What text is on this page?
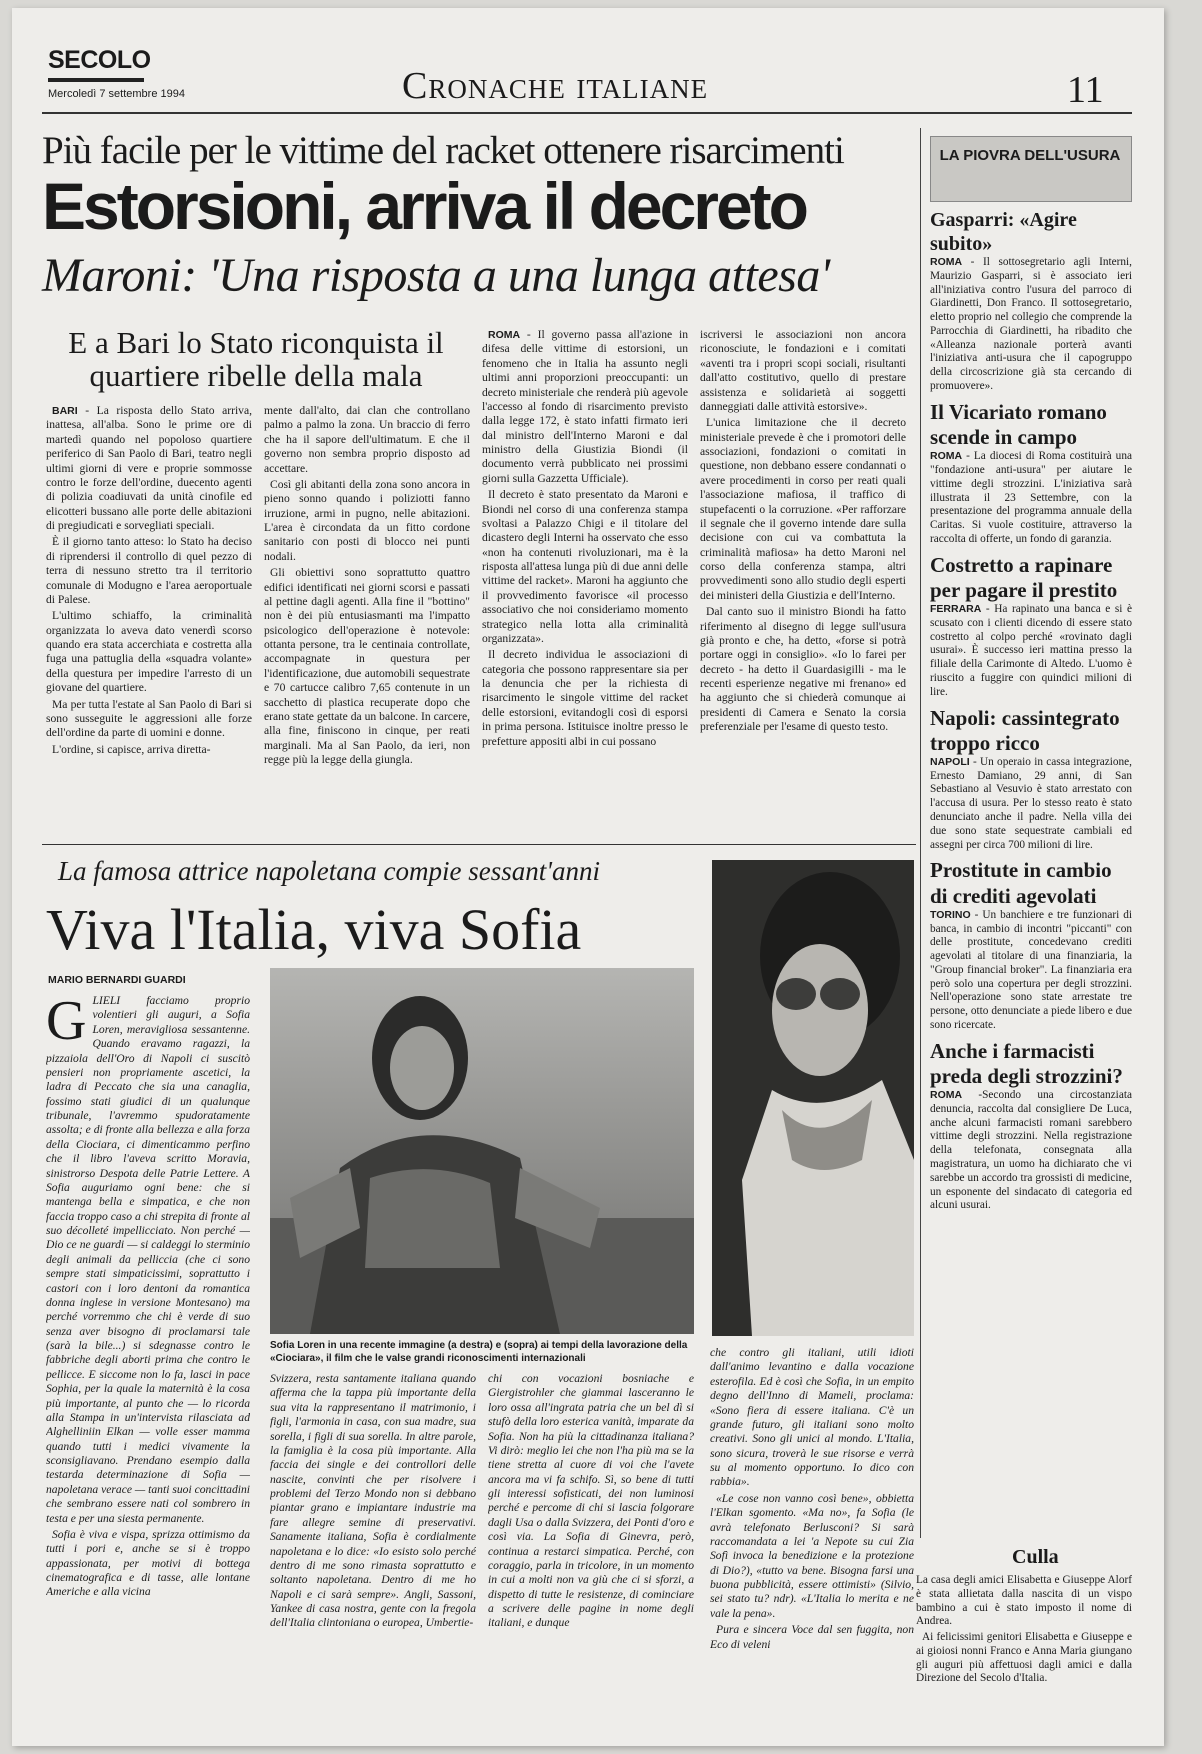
SECOLO
Mercoledì 7 settembre 1994	Cronache italiane	11
Più facile per le vittime del racket ottenere risarcimenti
Estorsioni, arriva il decreto
Maroni: 'Una risposta a una lunga attesa'
E a Bari lo Stato riconquista il quartiere ribelle della mala

BARI - La risposta dello Stato arriva, inattesa, all'alba. Sono le prime ore di martedì quando nel popoloso quartiere periferico di San Paolo di Bari, teatro negli ultimi giorni di vere e proprie sommosse contro le forze dell'ordine, duecento agenti di polizia coadiuvati da unità cinofile ed elicotteri bussano alle porte delle abitazioni di pregiudicati e sorvegliati speciali.

È il giorno tanto atteso: lo Stato ha deciso di riprendersi il controllo di quel pezzo di terra di nessuno stretto tra il territorio comunale di Modugno e l'area aeroportuale di Palese.

L'ultimo schiaffo, la criminalità organizzata lo aveva dato venerdì scorso quando era stata accerchiata e costretta alla fuga una pattuglia della «squadra volante» della questura per impedire l'arresto di un giovane del quartiere.

Ma per tutta l'estate al San Paolo di Bari si sono susseguite le aggressioni alle forze dell'ordine da parte di uomini e donne.

L'ordine, si capisce, arriva diretta-

mente dall'alto, dai clan che controllano palmo a palmo la zona. Un braccio di ferro che ha il sapore dell'ultimatum. E che il governo non sembra proprio disposto ad accettare.

Così gli abitanti della zona sono ancora in pieno sonno quando i poliziotti fanno irruzione, armi in pugno, nelle abitazioni. L'area è circondata da un fitto cordone sanitario con posti di blocco nei punti nodali.

Gli obiettivi sono soprattutto quattro edifici identificati nei giorni scorsi e passati al pettine dagli agenti. Alla fine il "bottino" non è dei più entusiasmanti ma l'impatto psicologico dell'operazione è notevole: ottanta persone, tra le centinaia controllate, accompagnate in questura per l'identificazione, due automobili sequestrate e 70 cartucce calibro 7,65 contenute in un sacchetto di plastica recuperate dopo che erano state gettate da un balcone. In carcere, alla fine, finiscono in cinque, per reati marginali. Ma al San Paolo, da ieri, non regge più la legge della giungla.

ROMA - Il governo passa all'azione in difesa delle vittime di estorsioni, un fenomeno che in Italia ha assunto negli ultimi anni proporzioni preoccupanti: un decreto ministeriale che renderà più agevole l'accesso al fondo di risarcimento previsto dalla legge 172, è stato infatti firmato ieri dal ministro dell'Interno Maroni e dal ministro della Giustizia Biondi (il documento verrà pubblicato nei prossimi giorni sulla Gazzetta Ufficiale).

Il decreto è stato presentato da Maroni e Biondi nel corso di una conferenza stampa svoltasi a Palazzo Chigi e il titolare del dicastero degli Interni ha osservato che esso «non ha contenuti rivoluzionari, ma è la risposta all'attesa lunga più di due anni delle vittime del racket». Maroni ha aggiunto che il provvedimento favorisce «il processo associativo che noi consideriamo momento strategico nella lotta alla criminalità organizzata».

Il decreto individua le associazioni di categoria che possono rappresentare sia per la denuncia che per la richiesta di risarcimento le singole vittime del racket delle estorsioni, evitandogli così di esporsi in prima persona. Istituisce inoltre presso le prefetture appositi albi in cui possano

iscriversi le associazioni non ancora riconosciute, le fondazioni e i comitati «aventi tra i propri scopi sociali, risultanti dall'atto costitutivo, quello di prestare assistenza e solidarietà ai soggetti danneggiati dalle attività estorsive».

L'unica limitazione che il decreto ministeriale prevede è che i promotori delle associazioni, fondazioni o comitati in questione, non debbano essere condannati o avere procedimenti in corso per reati quali l'associazione mafiosa, il traffico di stupefacenti o la corruzione. «Per rafforzare il segnale che il governo intende dare sulla decisione con cui va combattuta la criminalità mafiosa» ha detto Maroni nel corso della conferenza stampa, altri provvedimenti sono allo studio degli esperti dei ministeri della Giustizia e dell'Interno.

Dal canto suo il ministro Biondi ha fatto riferimento al disegno di legge sull'usura già pronto e che, ha detto, «forse si potrà portare oggi in consiglio». «Io lo farei per decreto - ha detto il Guardasigilli - ma le recenti esperienze negative mi frenano» ed ha aggiunto che si chiederà comunque ai presidenti di Camera e Senato la corsia preferenziale per l'esame di questo testo.

LA PIOVRA DELL'USURA
Gasparri: «Agire subito»
ROMA - Il sottosegretario agli Interni, Maurizio Gasparri, si è associato ieri all'iniziativa contro l'usura del parroco di Giardinetti, Don Franco. Il sottosegretario, eletto proprio nel collegio che comprende la Parrocchia di Giardinetti, ha ribadito che «Alleanza nazionale porterà avanti l'iniziativa anti-usura che il capogruppo della circoscrizione già sta cercando di promuovere».
Il Vicariato romano scende in campo
ROMA - La diocesi di Roma costituirà una "fondazione anti-usura" per aiutare le vittime degli strozzini. L'iniziativa sarà illustrata il 23 Settembre, con la presentazione del programma annuale della Caritas. Si vuole costituire, attraverso la raccolta di offerte, un fondo di garanzia.
Costretto a rapinare per pagare il prestito
FERRARA - Ha rapinato una banca e si è scusato con i clienti dicendo di essere stato costretto al colpo perché «rovinato dagli usurai». È successo ieri mattina presso la filiale della Carimonte di Altedo. L'uomo è riuscito a fuggire con quindici milioni di lire.
Napoli: cassintegrato troppo ricco
NAPOLI - Un operaio in cassa integrazione, Ernesto Damiano, 29 anni, di San Sebastiano al Vesuvio è stato arrestato con l'accusa di usura. Per lo stesso reato è stato denunciato anche il padre. Nella villa dei due sono state sequestrate cambiali ed assegni per circa 700 milioni di lire.
Prostitute in cambio di crediti agevolati
TORINO - Un banchiere e tre funzionari di banca, in cambio di incontri "piccanti" con delle prostitute, concedevano crediti agevolati al titolare di una finanziaria, la "Group financial broker". La finanziaria era però solo una copertura per degli strozzini. Nell'operazione sono state arrestate tre persone, otto denunciate a piede libero e due sono ricercate.
Anche i farmacisti preda degli strozzini?
ROMA -Secondo una circostanziata denuncia, raccolta dal consigliere De Luca, anche alcuni farmacisti romani sarebbero vittime degli strozzini. Nella registrazione della telefonata, consegnata alla magistratura, un uomo ha dichiarato che vi sarebbe un accordo tra grossisti di medicine, un esponente del sindacato di categoria ed alcuni usurai.
Culla

La casa degli amici Elisabetta e Giuseppe Alorf è stata allietata dalla nascita di un vispo bambino a cui è stato imposto il nome di Andrea.

Ai felicissimi genitori Elisabetta e Giuseppe e ai gioiosi nonni Franco e Anna Maria giungano gli auguri più affettuosi dagli amici e dalla Direzione del Secolo d'Italia.

La famosa attrice napoletana compie sessant'anni
Viva l'Italia, viva Sofia
MARIO BERNARDI GUARDI

GLIELI facciamo proprio volentieri gli auguri, a Sofia Loren, meravigliosa sessantenne. Quando eravamo ragazzi, la pizzaiola dell'Oro di Napoli ci suscitò pensieri non propriamente ascetici, la ladra di Peccato che sia una canaglia, fossimo stati giudici di un qualunque tribunale, l'avremmo spudoratamente assolta; e di fronte alla bellezza e alla forza della Ciociara, ci dimenticammo perfino che il libro l'aveva scritto Moravia, sinistrorso Despota delle Patrie Lettere. A Sofia auguriamo ogni bene: che si mantenga bella e simpatica, e che non faccia troppo caso a chi strepita di fronte al suo décolleté impellicciato. Non perché — Dio ce ne guardi — si caldeggi lo sterminio degli animali da pelliccia (che ci sono sempre stati simpaticissimi, soprattutto i castori con i loro dentoni da romantica donna inglese in versione Montesano) ma perché vorremmo che chi è verde di suo senza aver bisogno di proclamarsi tale (sarà la bile...) si sdegnasse contro le fabbriche degli aborti prima che contro le pellicce. E siccome non lo fa, lasci in pace Sophia, per la quale la maternità è la cosa più importante, al punto che — lo ricorda alla Stampa in un'intervista rilasciata ad Alghelliniin Elkan — volle esser mamma quando tutti i medici vivamente la sconsigliavano. Prendano esempio dalla testarda determinazione di Sofia — napoletana verace — tanti suoi concittadini che sembrano essere nati col sombrero in testa e per una siesta permanente.

Sofia è viva e vispa, sprizza ottimismo da tutti i pori e, anche se si è troppo appassionata, per motivi di bottega cinematografica e di tasse, alle lontane Americhe e alla vicina

Sofia Loren in una recente immagine (a destra) e (sopra) ai tempi della lavorazione della «Ciociara», il film che le valse grandi riconoscimenti internazionali

Svizzera, resta santamente italiana quando afferma che la tappa più importante della sua vita la rappresentano il matrimonio, i figli, l'armonia in casa, con sua madre, sua sorella, i figli di sua sorella. In altre parole, la famiglia è la cosa più importante. Alla faccia dei single e dei controllori delle nascite, convinti che per risolvere i problemi del Terzo Mondo non si debbano piantar grano e impiantare industrie ma fare allegre semine di preservativi. Sanamente italiana, Sofia è cordialmente napoletana e lo dice: «Io esisto solo perché dentro di me sono rimasta soprattutto e soltanto napoletana. Dentro di me ho Napoli e ci sarà sempre». Angli, Sassoni, Yankee di casa nostra, gente con la fregola dell'Italia clintoniana o europea, Umbertie-

chi con vocazioni bosniache e Giergistrohler che giammai lasceranno le loro ossa all'ingrata patria che un bel dì si stufò della loro esterica vanità, imparate da Sofia. Non ha più la cittadinanza italiana? Vi dirò: meglio lei che non l'ha più ma se la tiene stretta al cuore di voi che l'avete ancora ma vi fa schifo. Sì, so bene di tutti gli interessi sofisticati, dei non luminosi perché e percome di chi si lascia folgorare dagli Usa o dalla Svizzera, dei Ponti d'oro e così via. La Sofia di Ginevra, però, continua a restarci simpatica. Perché, con coraggio, parla in tricolore, in un momento in cui a molti non va giù che ci si sforzi, a dispetto di tutte le resistenze, di cominciare a scrivere delle pagine in nome degli italiani, e dunque

che contro gli italiani, utili idioti dall'animo levantino e dalla vocazione esterofila. Ed è così che Sofia, in un empito degno dell'Inno di Mameli, proclama: «Sono fiera di essere italiana. C'è un grande futuro, gli italiani sono molto creativi. Sono gli unici al mondo. L'Italia, sono sicura, troverà le sue risorse e verrà su al momento opportuno. Io dico con rabbia».

«Le cose non vanno così bene», obbietta l'Elkan sgomento. «Ma no», fa Sofia (le avrà telefonato Berlusconi? Si sarà raccomandata a lei 'a Nepote su cui Zia Sofì invoca la benedizione e la protezione di Dio?), «tutto va bene. Bisogna farsi una buona pubblicità, essere ottimisti» (Silvio, sei stato tu? ndr). «L'Italia lo merita e ne vale la pena».

Pura e sincera Voce dal sen fuggita, non Eco di veleni
